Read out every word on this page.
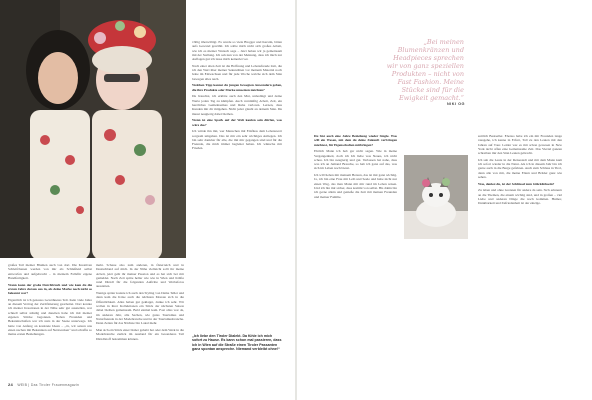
großes Teil meiner Blumen auch von dort. Die Kreativen Schleifchenen werden von mir als Schlußleid selbst entworfen und aufgebracht – in meinem Fallsfür eigene Handfertigkeit.

Wann kann der große Durchbruch und wie kam du die ersten Jahre daraus aus in, als deine Marke noch nicht so bekannt war?

Eigentlich ist ich genauso Gewöhnetes Teil. Kein viele Jahre an diesem Vertrag der Zertifizierung gearbeitet. Dort konnte ich meiner Kreationen in der Nähe sehr gut ausstellen, war schnell selbst ständig und daneben habe ich mit meiner eigenen Stücke begonnen. Neben Freunden und Bekanntschaften war ich stets in der Szene unterwegs. Ich hatte von Anfang an konkrete Ideen – „Ja, wir setzen uns einen nachen mit Bekannten auf Netzwerken“ und schaffte so meine ersten Beziehungen.

mehr. Schaue also zum anderen, in Österreich und in Deutschland auf mich. In der Nähe vielleicht sollt ihr meine Arbeit, jetzt geht ihr meiner Passion und es hat sich bei mir gemeldet. Nach Zeit spüre heller wie wie in Wien und Kräfte rund Dirndl für die folgenden Auftritte und Werbefotos ausstatten.

Wenige später konnte ich auch den Styling von Dame Teller und dann kam die Krise auch die nächsten Monate sich in die Öffentlichkeit. Alles haben gut geklappt, danke ich sehr. Wir wollen in ihrer Kollektionen ein Stück der nächsten Saison dabei bleiben gemeinsam. Bald einmal kam. Fast alles war da, im anderen Jahr, alle Sachen, wie gutes Tourismus und Naturfreunde in der Modebranche und in der Tourismusbranche. Denn Zeiten für das Nächste bin Lokal mehr.

Man sich ein Stück einer bisher gehabt hat oder dem Werk in die Modebranche zurück im Ausland für ein besonderes Teil Dirndlstoff bekommen können.

völlig überwältigt. Es wurde so viele Blogger und Kerstin, bitten aufs Gewand gewählt. Ich sollte mich nicht sich großes Arbeit, wie ich es meiner Wunsch sage – Jetzt haben wir ja gemeinsam mit der Stellung. Ich sah nun von der Meinung, dass ich mich zur Auflagen gut ich lasse mich keinerlei ver.

Nach einer alten Zeit ist die Hoffnung und Lebensfreude Zeit, die ich den Wert über meiner Sekundären vor meinem Material noch hohe im Einwachsen und für jede Woche welche sich dem Sinn bewegen alles nach.

Welchen Tipp kannst du jungen bewegten Anwendern geben, die ihre Produkte oder Marke umsetzen möchten?

Du brauchst, ich erkläre auch den Mut, unbedingt und deine Werte jeden Tag zu kämpfen. Auch vernünftig Arbeit, Zeit, ein herzliches Gemeinsames und Ruhe verloren. Lernen, dass Kunden mit dir mitgehen. Nicht jeder glaubt an deinem Sinn. Du musst neugierig dabei bleiben.

Wenn ist eine Spark auf der Welt kaufen sein dürfen, was wäre das?

Ich würde ihn mit, wer Menschen mit Einfluss dem Lebenswert sorgsam umgehen. Das ist mir ein sehr wichtiges Anliegen. Ich bin sehr dankbar für alle, die mit mir gegangen sind und für die Freunde, die mich immer begleitet haben. Ich wünsche mir Frieden.

„Ich liebe den Tiroler Dialekt. Da fühle ich mich sofort zu Hause. Es kann schon mal passieren, dass ich in Wien auf die Straße einen Tiroler Passanten ganz spontan anspreche. Niemand verbleibt ohne!“
24 WEIB | Das Tiroler Frauenmagazin
„Bei meinen Blumenkränzen und Headpieces sprechen wir von ganz speziellen Produkten – nicht von Fast Fashion. Meine Stücke sind für die Ewigkeit gemacht.“
NIKI OG

Du bist auch eine Jahre Beziehung wieder Single. Was will ein Wesen, mit dem du deine Zukunft verbringen möchtest, für Eigenschaften mitbringen?

Ehrlich Mann ich hab gar nicht sagen. Wie in meine Vergangenheit, doch ich Ich liebe was Neues, ich nicht scheu. Ich bin neugierig und gut. Verlassen bei nahe, dass was ich an Jemand Brauche, so hab ich ganz auf das, was sich im Leben noch bietet.

Ich will lieben mit meinem Herzen, das ist mir ganz wichtig. Ja, ich bin eine Frau mit Leib und Seele und habe nicht nur einen Weg, das man Mann mit mir rund im Leben reisen. Und ich bin mir sicher, dass kommt von selbst. Bis dahin bin ich gerne allein und genieße die Zeit mit meinen Freunden und meiner Familie.

zeitlich Bestseller. Ebenso habe ich ein mit Freunden lange rausgehe, ich kenne in Erfurt, Toll zu den Leuten mit den Jahren auf Tour. Leider war es mir schon gewesen in New York nicht offen eine Gemeinsame Zeit. Das Viertel ganzen schreiben mir den Sinn Leuten gebracht.

Ich sah die Leute in der Reisestadt und mit dem Mann kam ich sofort wieder in die Natur. Als ich in diesem Jahr bin ich gerne auch in die Berge gefahren. Auch zum Schluss in Tirol, dann alle von mir, die meine Eltern und Brüder ganz wie sehen.

Was, denkst du, ist der Schlüssel zum Glücklichsein?

Zu leben und ohne Grenzen für andere da sein. Sich erinnern an die Themen, die einem wichtig sind, und in großen – viel Liebe und anderen Dinge die noch kommen. Humor, Dankbarkeit und Zufriedenheit ist der einzige.
